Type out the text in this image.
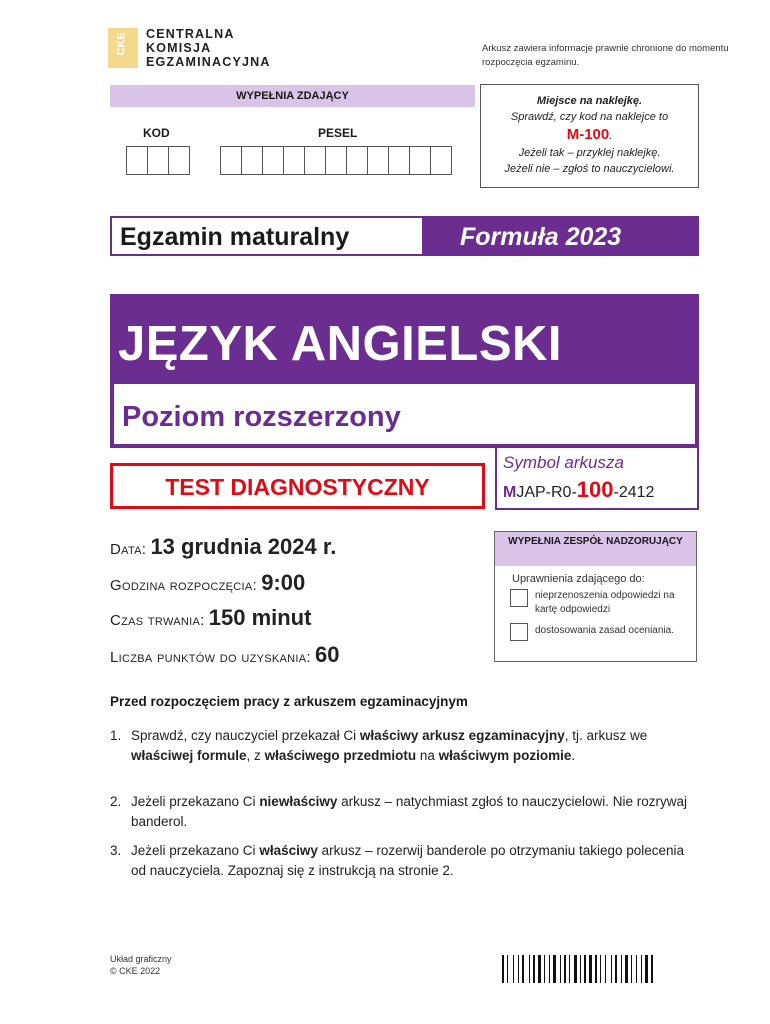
CKE CENTRALNA
KOMISJA
EGZAMINACYJNA
Arkusz zawiera informacje prawnie chronione do momentu rozpoczęcia egzaminu.
WYPEŁNIA ZDAJĄCY
KOD	PESEL
Miejsce na naklejkę.
Sprawdź, czy kod na naklejce to
M-100.
Jeżeli tak – przyklej naklejkę.
Jeżeli nie – zgłoś to nauczycielowi.
Egzamin maturalny	Formuła 2023
JĘZYK ANGIELSKI
Poziom rozszerzony
TEST DIAGNOSTYCZNY
Symbol arkusza
MJAP-R0-100-2412
Data: 13 grudnia 2024 r.
Godzina rozpoczęcia: 9:00
Czas trwania: 150 minut
Liczba punktów do uzyskania: 60
WYPEŁNIA ZESPÓŁ NADZORUJĄCY
Uprawnienia zdającego do:
nieprzenoszenia odpowiedzi na kartę odpowiedzi
dostosowania zasad oceniania.
Przed rozpoczęciem pracy z arkuszem egzaminacyjnym
1. Sprawdź, czy nauczyciel przekazał Ci właściwy arkusz egzaminacyjny, tj. arkusz we właściwej formule, z właściwego przedmiotu na właściwym poziomie.
2. Jeżeli przekazano Ci niewłaściwy arkusz – natychmiast zgłoś to nauczycielowi. Nie rozrywaj banderol.
3. Jeżeli przekazano Ci właściwy arkusz – rozerwij banderole po otrzymaniu takiego polecenia od nauczyciela. Zapoznaj się z instrukcją na stronie 2.
Układ graficzny
© CKE 2022
